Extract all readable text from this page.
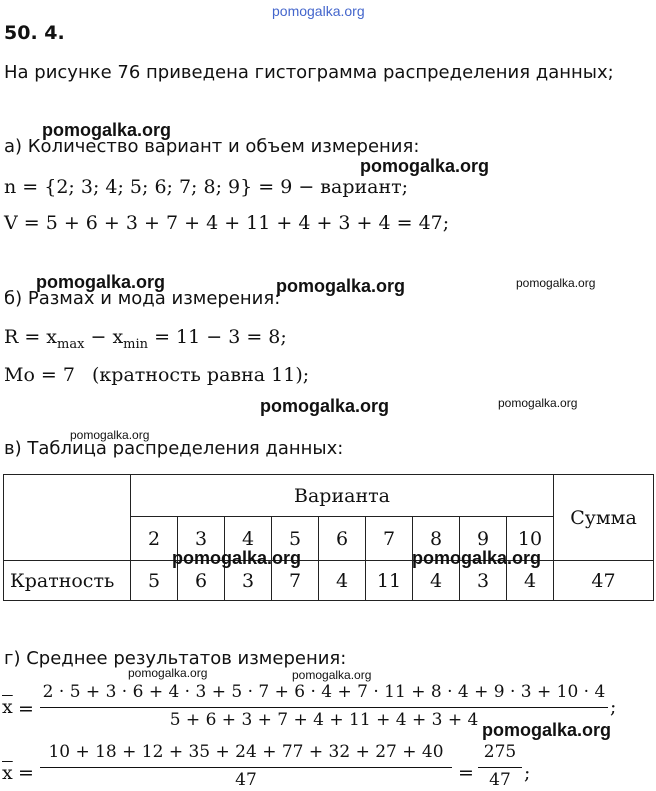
pomogalka.org
50. 4.
На рисунке 76 приведена гистограмма распределения данных;
pomogalka.org
а) Количество вариант и объем измерения:
pomogalka.org
n = {2; 3; 4; 5; 6; 7; 8; 9} = 9 − вариант;
V = 5 + 6 + 3 + 7 + 4 + 11 + 4 + 3 + 4 = 47;
pomogalka.org	pomogalka.org	pomogalka.org
б) Размах и мода измерения:
$R = x_{max} - x_{min} = 11 - 3 = 8$;
Mo = 7 (кратность равна 11);
pomogalka.org	pomogalka.org
pomogalka.org
в) Таблица распределения данных:
	Варианта									Сумма
	2	3	4	5	6	7	8	9	10	
Кратность	5	6	3	7	4	11	4	3	4	47
pomogalka.org	pomogalka.org
г) Среднее результатов измерения:
pomogalka.org	pomogalka.org
$\overline{x}$ =
2 · 5 + 3 · 6 + 4 · 3 + 5 · 7 + 6 · 4 + 7 · 11 + 8 · 4 + 9 · 3 + 10 · 4
5 + 6 + 3 + 7 + 4 + 11 + 4 + 3 + 4
;
pomogalka.org
$\overline{x}$ =
10 + 18 + 12 + 35 + 24 + 77 + 32 + 27 + 40
47	=
275
47 ;
